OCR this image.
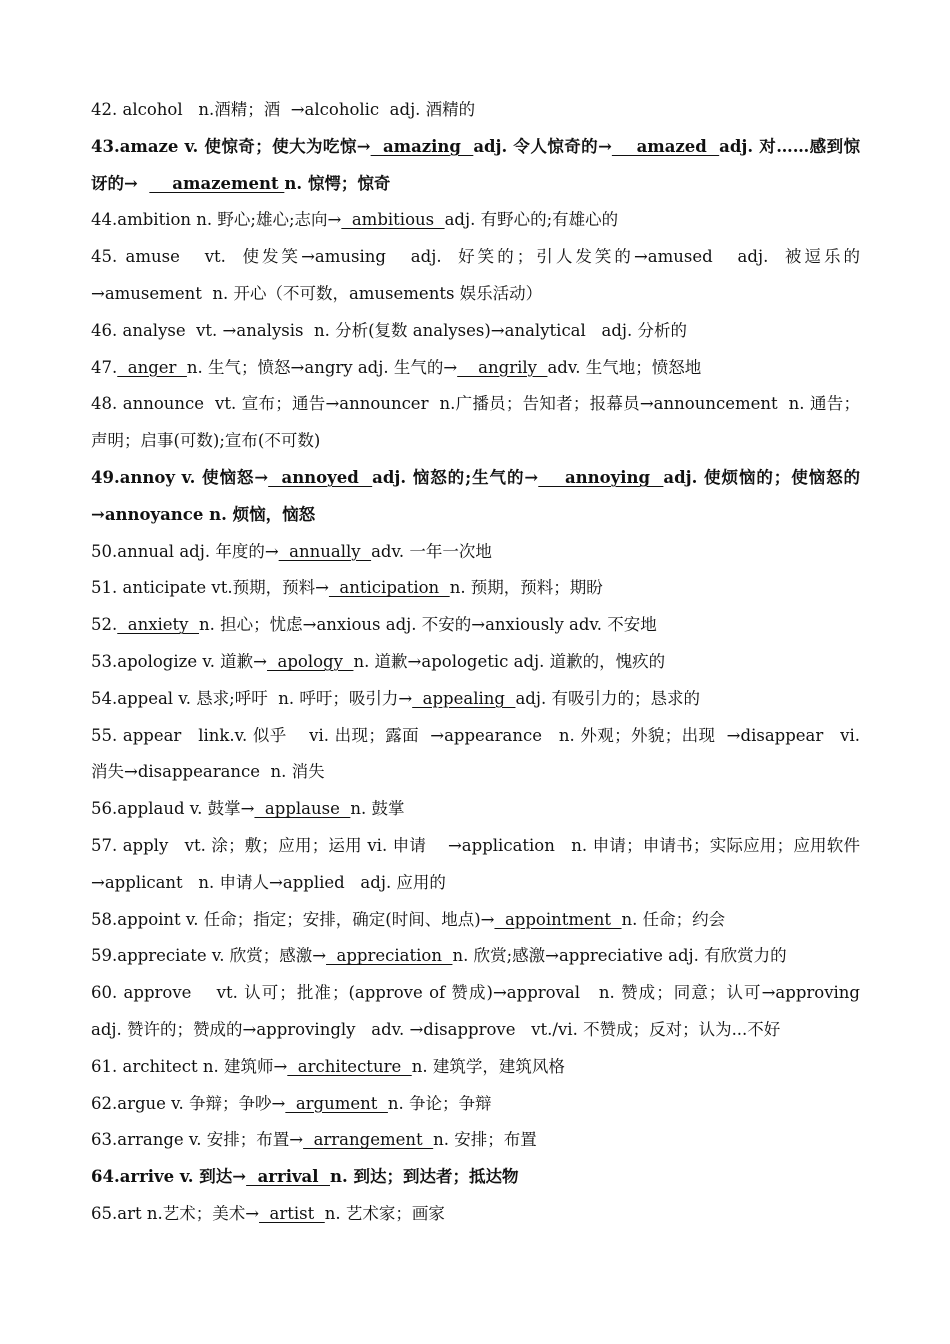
42. alcohol   n.酒精；酒  →alcoholic  adj. 酒精的
43.amaze v. 使惊奇；使大为吃惊→  amazing  adj. 令人惊奇的→    amazed  adj. 对……感到惊讶的→      amazement n. 惊愕；惊奇
44.ambition n. 野心;雄心;志向→  ambitious  adj. 有野心的;有雄心的
45. amuse   vt.  使发笑→amusing   adj.  好笑的；引人发笑的→amused   adj.  被逗乐的→amusement  n. 开心（不可数，amusements 娱乐活动）
46. analyse  vt. →analysis  n. 分析(复数 analyses)→analytical   adj. 分析的
47.  anger  n. 生气；愤怒→angry adj. 生气的→    angrily  adv. 生气地；愤怒地
48. announce  vt. 宣布；通告→announcer  n.广播员；告知者；报幕员→announcement  n. 通告；声明；启事(可数);宣布(不可数)
49.annoy v. 使恼怒→  annoyed  adj. 恼怒的;生气的→    annoying  adj. 使烦恼的；使恼怒的→annoyance n. 烦恼，恼怒
50.annual adj. 年度的→  annually  adv. 一年一次地
51. anticipate vt.预期，预料→  anticipation  n. 预期，预料；期盼
52.  anxiety  n. 担心；忧虑→anxious adj. 不安的→anxiously adv. 不安地
53.apologize v. 道歉→  apology  n. 道歉→apologetic adj. 道歉的，愧疚的
54.appeal v. 恳求;呼吁  n. 呼吁；吸引力→  appealing  adj. 有吸引力的；恳求的
55. appear   link.v. 似乎    vi. 出现；露面  →appearance   n. 外观；外貌；出现  →disappear   vi. 消失→disappearance  n. 消失
56.applaud v. 鼓掌→  applause  n. 鼓掌
57. apply   vt. 涂；敷；应用；运用 vi. 申请    →application   n. 申请；申请书；实际应用；应用软件  →applicant   n. 申请人→applied   adj. 应用的
58.appoint v. 任命；指定；安排，确定(时间、地点)→  appointment  n. 任命；约会
59.appreciate v. 欣赏；感激→  appreciation  n. 欣赏;感激→appreciative adj. 有欣赏力的
60. approve    vt. 认可；批准；(approve of 赞成)→approval   n. 赞成；同意；认可→approving adj. 赞许的；赞成的→approvingly   adv. →disapprove   vt./vi. 不赞成；反对；认为...不好
61. architect n. 建筑师→  architecture  n. 建筑学，建筑风格
62.argue v. 争辩；争吵→  argument  n. 争论；争辩
63.arrange v. 安排；布置→  arrangement  n. 安排；布置
64.arrive v. 到达→  arrival  n. 到达；到达者；抵达物
65.art n.艺术；美术→  artist  n. 艺术家；画家
